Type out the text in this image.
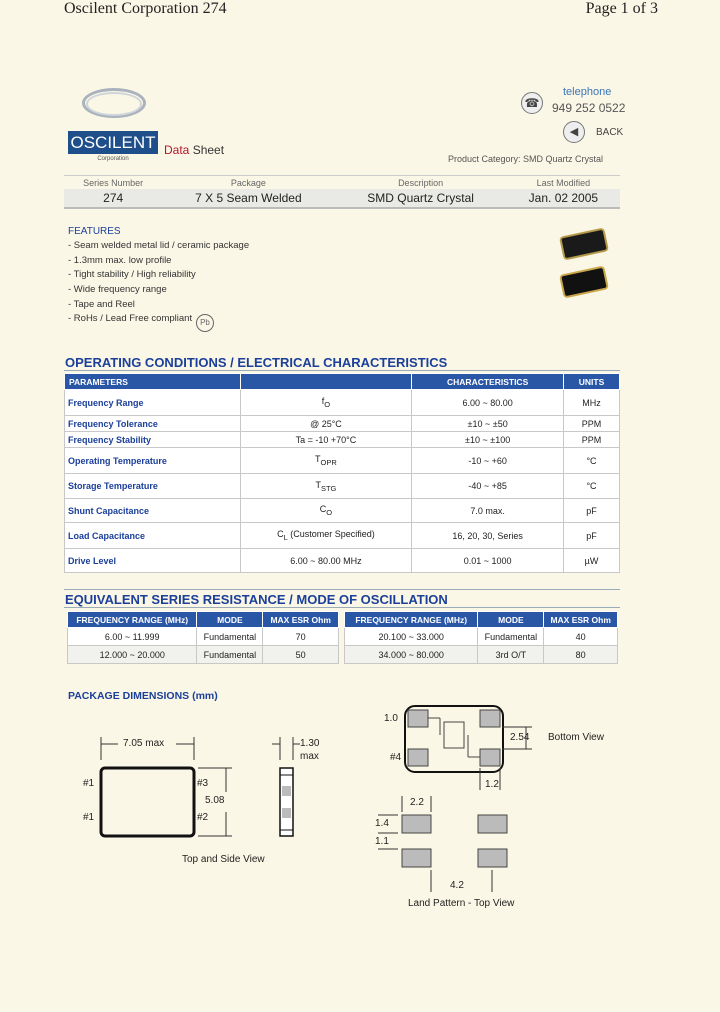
Oscilent Corporation 274	Page 1 of 3
OSCILENT
Corporation
Data Sheet
☎
telephone
949 252 0522
◀	BACK
Product Category: SMD Quartz Crystal
Series Number	Package	Description	Last Modified
274	7 X 5 Seam Welded	SMD Quartz Crystal	Jan. 02 2005
FEATURES
- Seam welded metal lid / ceramic package
- 1.3mm max. low profile
- Tight stability / High reliability
- Wide frequency range
- Tape and Reel
- RoHs / Lead Free compliant	Pb
OPERATING CONDITIONS / ELECTRICAL CHARACTERISTICS
PARAMETERS		CHARACTERISTICS	UNITS
Frequency Range	$f_O$	6.00 ~ 80.00	MHz
Frequency Tolerance	@ 25°C	±10 ~ ±50	PPM
Frequency Stability	Ta = -10 +70°C	±10 ~ ±100	PPM
Operating Temperature	$T_{OPR}$	-10 ~ +60	°C
Storage Temperature	$T_{STG}$	-40 ~ +85	°C
Shunt Capacitance	$C_O$	7.0 max.	pF
Load Capacitance	$C_L$ (Customer Specified)	16, 20, 30, Series	pF
Drive Level	6.00 ~ 80.00 MHz	0.01 ~ 1000	µW
EQUIVALENT SERIES RESISTANCE / MODE OF OSCILLATION
FREQUENCY RANGE (MHz)	MODE	MAX ESR Ohm
6.00 ~ 11.999	Fundamental	70
12.000 ~ 20.000	Fundamental	50
FREQUENCY RANGE (MHz)	MODE	MAX ESR Ohm
20.100 ~ 33.000	Fundamental	40
34.000 ~ 80.000	3rd O/T	80
PACKAGE DIMENSIONS (mm)
7.05 max
5.08
1.30
max
#1	#3
#1	#2
Top and Side View
1.0
2.54
1.2
#4
Bottom View
2.2
1.4
1.1
4.2
Land Pattern - Top View
